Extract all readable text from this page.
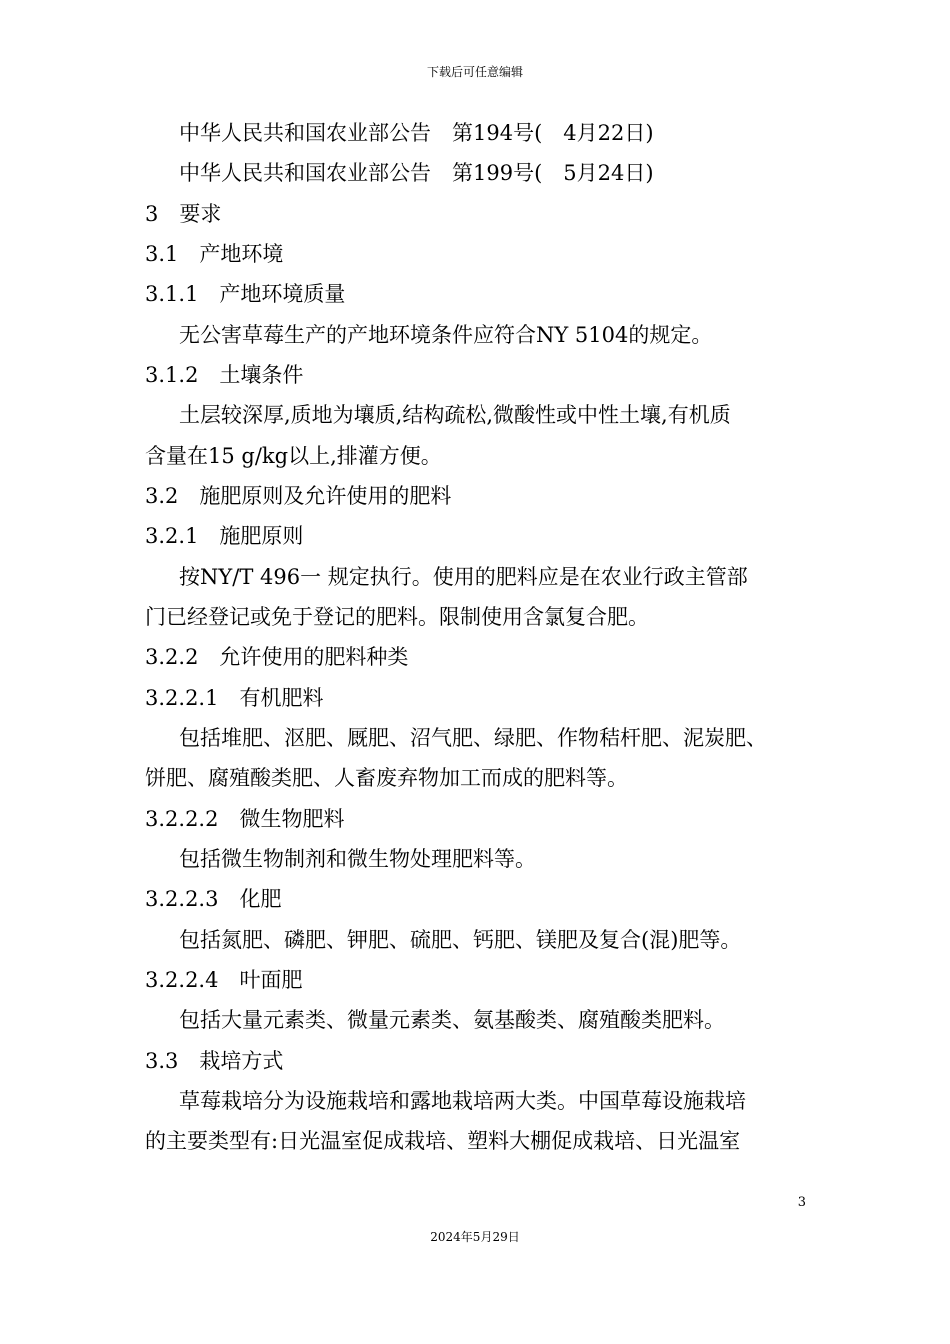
下载后可任意编辑
中华人民共和国农业部公告　第194号(　4月22日)
中华人民共和国农业部公告　第199号(　5月24日)
3　要求
3.1　产地环境
3.1.1　产地环境质量
无公害草莓生产的产地环境条件应符合NY 5104的规定。
3.1.2　土壤条件
土层较深厚,质地为壤质,结构疏松,微酸性或中性土壤,有机质
含量在15 g/kg以上,排灌方便。
3.2　施肥原则及允许使用的肥料
3.2.1　施肥原则
按NY/T 496一 规定执行。使用的肥料应是在农业行政主管部
门已经登记或免于登记的肥料。限制使用含氯复合肥。
3.2.2　允许使用的肥料种类
3.2.2.1　有机肥料
包括堆肥、沤肥、厩肥、沼气肥、绿肥、作物秸杆肥、泥炭肥、
饼肥、腐殖酸类肥、人畜废弃物加工而成的肥料等。
3.2.2.2　微生物肥料
包括微生物制剂和微生物处理肥料等。
3.2.2.3　化肥
包括氮肥、磷肥、钾肥、硫肥、钙肥、镁肥及复合(混)肥等。
3.2.2.4　叶面肥
包括大量元素类、微量元素类、氨基酸类、腐殖酸类肥料。
3.3　栽培方式
草莓栽培分为设施栽培和露地栽培两大类。中国草莓设施栽培
的主要类型有:日光温室促成栽培、塑料大棚促成栽培、日光温室
3
2024年5月29日
